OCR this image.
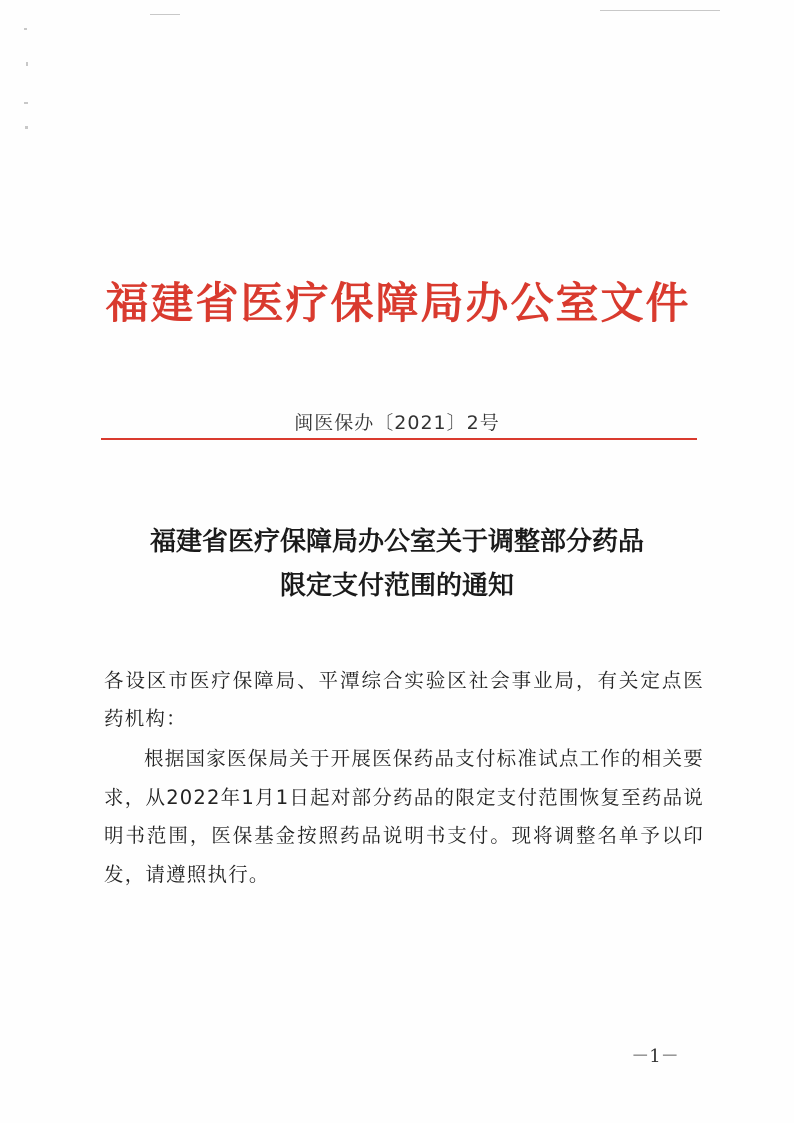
福建省医疗保障局办公室文件
闽医保办〔2021〕2号
福建省医疗保障局办公室关于调整部分药品
限定支付范围的通知
各设区市医疗保障局、平潭综合实验区社会事业局，有关定点医药机构：
根据国家医保局关于开展医保药品支付标准试点工作的相关要求，从2022年1月1日起对部分药品的限定支付范围恢复至药品说明书范围，医保基金按照药品说明书支付。现将调整名单予以印发，请遵照执行。
－1－
